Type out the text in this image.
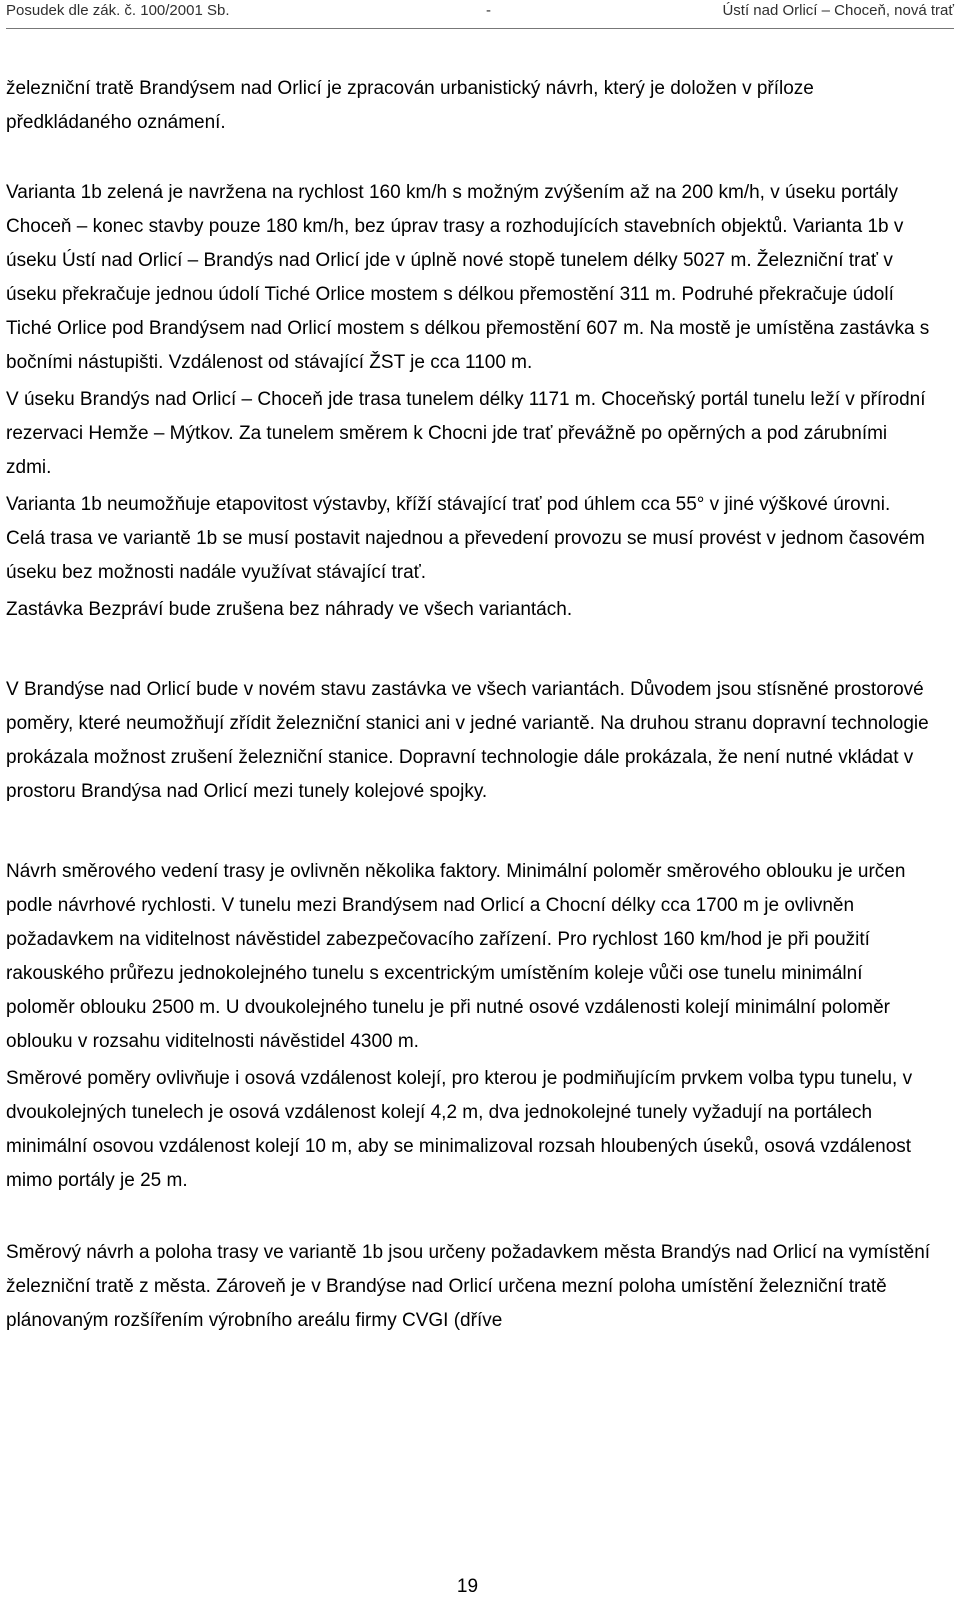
Posudek dle zák. č. 100/2001 Sb.	-	Ústí nad Orlicí – Choceň, nová trať

železniční tratě Brandýsem nad Orlicí je zpracován urbanistický návrh, který je doložen v příloze předkládaného oznámení.

Varianta 1b zelená je navržena na rychlost 160 km/h s možným zvýšením až na 200 km/h, v úseku portály Choceň – konec stavby pouze 180 km/h, bez úprav trasy a rozhodujících stavebních objektů. Varianta 1b v úseku Ústí nad Orlicí – Brandýs nad Orlicí jde v úplně nové stopě tunelem délky 5027 m. Železniční trať v úseku překračuje jednou údolí Tiché Orlice mostem s délkou přemostění 311 m. Podruhé překračuje údolí Tiché Orlice pod Brandýsem nad Orlicí mostem s délkou přemostění 607 m. Na mostě je umístěna zastávka s bočními nástupišti. Vzdálenost od stávající ŽST je cca 1100 m.

V úseku Brandýs nad Orlicí – Choceň jde trasa tunelem délky 1171 m. Choceňský portál tunelu leží v přírodní rezervaci Hemže – Mýtkov. Za tunelem směrem k Chocni jde trať převážně po opěrných a pod zárubními zdmi.

Varianta 1b neumožňuje etapovitost výstavby, kříží stávající trať pod úhlem cca 55° v jiné výškové úrovni. Celá trasa ve variantě 1b se musí postavit najednou a převedení provozu se musí provést v jednom časovém úseku bez možnosti nadále využívat stávající trať.

Zastávka Bezpráví bude zrušena bez náhrady ve všech variantách.

V Brandýse nad Orlicí bude v novém stavu zastávka ve všech variantách. Důvodem jsou stísněné prostorové poměry, které neumožňují zřídit železniční stanici ani v jedné variantě. Na druhou stranu dopravní technologie prokázala možnost zrušení železniční stanice. Dopravní technologie dále prokázala, že není nutné vkládat v prostoru Brandýsa nad Orlicí mezi tunely kolejové spojky.

Návrh směrového vedení trasy je ovlivněn několika faktory. Minimální poloměr směrového oblouku je určen podle návrhové rychlosti. V tunelu mezi Brandýsem nad Orlicí a Chocní délky cca 1700 m je ovlivněn požadavkem na viditelnost návěstidel zabezpečovacího zařízení. Pro rychlost 160 km/hod je při použití rakouského průřezu jednokolejného tunelu s excentrickým umístěním koleje vůči ose tunelu minimální poloměr oblouku 2500 m. U dvoukolejného tunelu je při nutné osové vzdálenosti kolejí minimální poloměr oblouku v rozsahu viditelnosti návěstidel 4300 m.

Směrové poměry ovlivňuje i osová vzdálenost kolejí, pro kterou je podmiňujícím prvkem volba typu tunelu, v dvoukolejných tunelech je osová vzdálenost kolejí 4,2 m, dva jednokolejné tunely vyžadují na portálech minimální osovou vzdálenost kolejí 10 m, aby se minimalizoval rozsah hloubených úseků, osová vzdálenost mimo portály je 25 m.

Směrový návrh a poloha trasy ve variantě 1b jsou určeny požadavkem města Brandýs nad Orlicí na vymístění železniční tratě z města. Zároveň je v Brandýse nad Orlicí určena mezní poloha umístění železniční tratě plánovaným rozšířením výrobního areálu firmy CVGI (dříve

19
